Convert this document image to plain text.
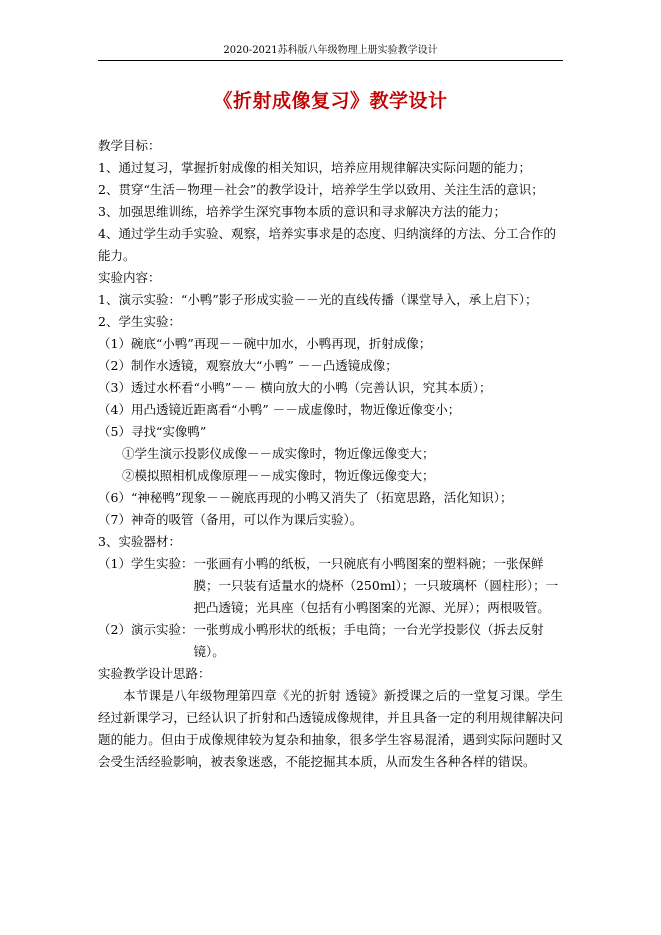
2020-2021苏科版八年级物理上册实验教学设计
《折射成像复习》教学设计
教学目标：
1、通过复习，掌握折射成像的相关知识，培养应用规律解决实际问题的能力；
2、贯穿“生活－物理－社会”的教学设计，培养学生学以致用、关注生活的意识；
3、加强思维训练，培养学生深究事物本质的意识和寻求解决方法的能力；
4、通过学生动手实验、观察，培养实事求是的态度、归纳演绎的方法、分工合作的能力。
实验内容：
1、演示实验：“小鸭”影子形成实验－－光的直线传播（课堂导入，承上启下）；
2、学生实验：
（1）碗底“小鸭”再现－－碗中加水，小鸭再现，折射成像；
（2）制作水透镜，观察放大“小鸭” －－凸透镜成像；
（3）透过水杯看“小鸭”－－ 横向放大的小鸭（完善认识，究其本质）；
（4）用凸透镜近距离看“小鸭” －－成虚像时，物近像近像变小；
（5）寻找“实像鸭”
①学生演示投影仪成像－－成实像时，物近像远像变大；
②模拟照相机成像原理－－成实像时，物近像远像变大；
（6）“神秘鸭”现象－－碗底再现的小鸭又消失了（拓宽思路，活化知识）；
（7）神奇的吸管（备用，可以作为课后实验）。
3、实验器材：
（1）学生实验： 一张画有小鸭的纸板，一只碗底有小鸭图案的塑料碗；一张保鲜膜；一只装有适量水的烧杯（250ml）；一只玻璃杯（圆柱形）；一把凸透镜；光具座（包括有小鸭图案的光源、光屏）；两根吸管。
（2）演示实验： 一张剪成小鸭形状的纸板；手电筒；一台光学投影仪（拆去反射镜）。
实验教学设计思路：
本节课是八年级物理第四章《光的折射 透镜》新授课之后的一堂复习课。学生经过新课学习，已经认识了折射和凸透镜成像规律，并且具备一定的利用规律解决问题的能力。但由于成像规律较为复杂和抽象，很多学生容易混淆，遇到实际问题时又会受生活经验影响，被表象迷惑，不能挖掘其本质，从而发生各种各样的错误。
